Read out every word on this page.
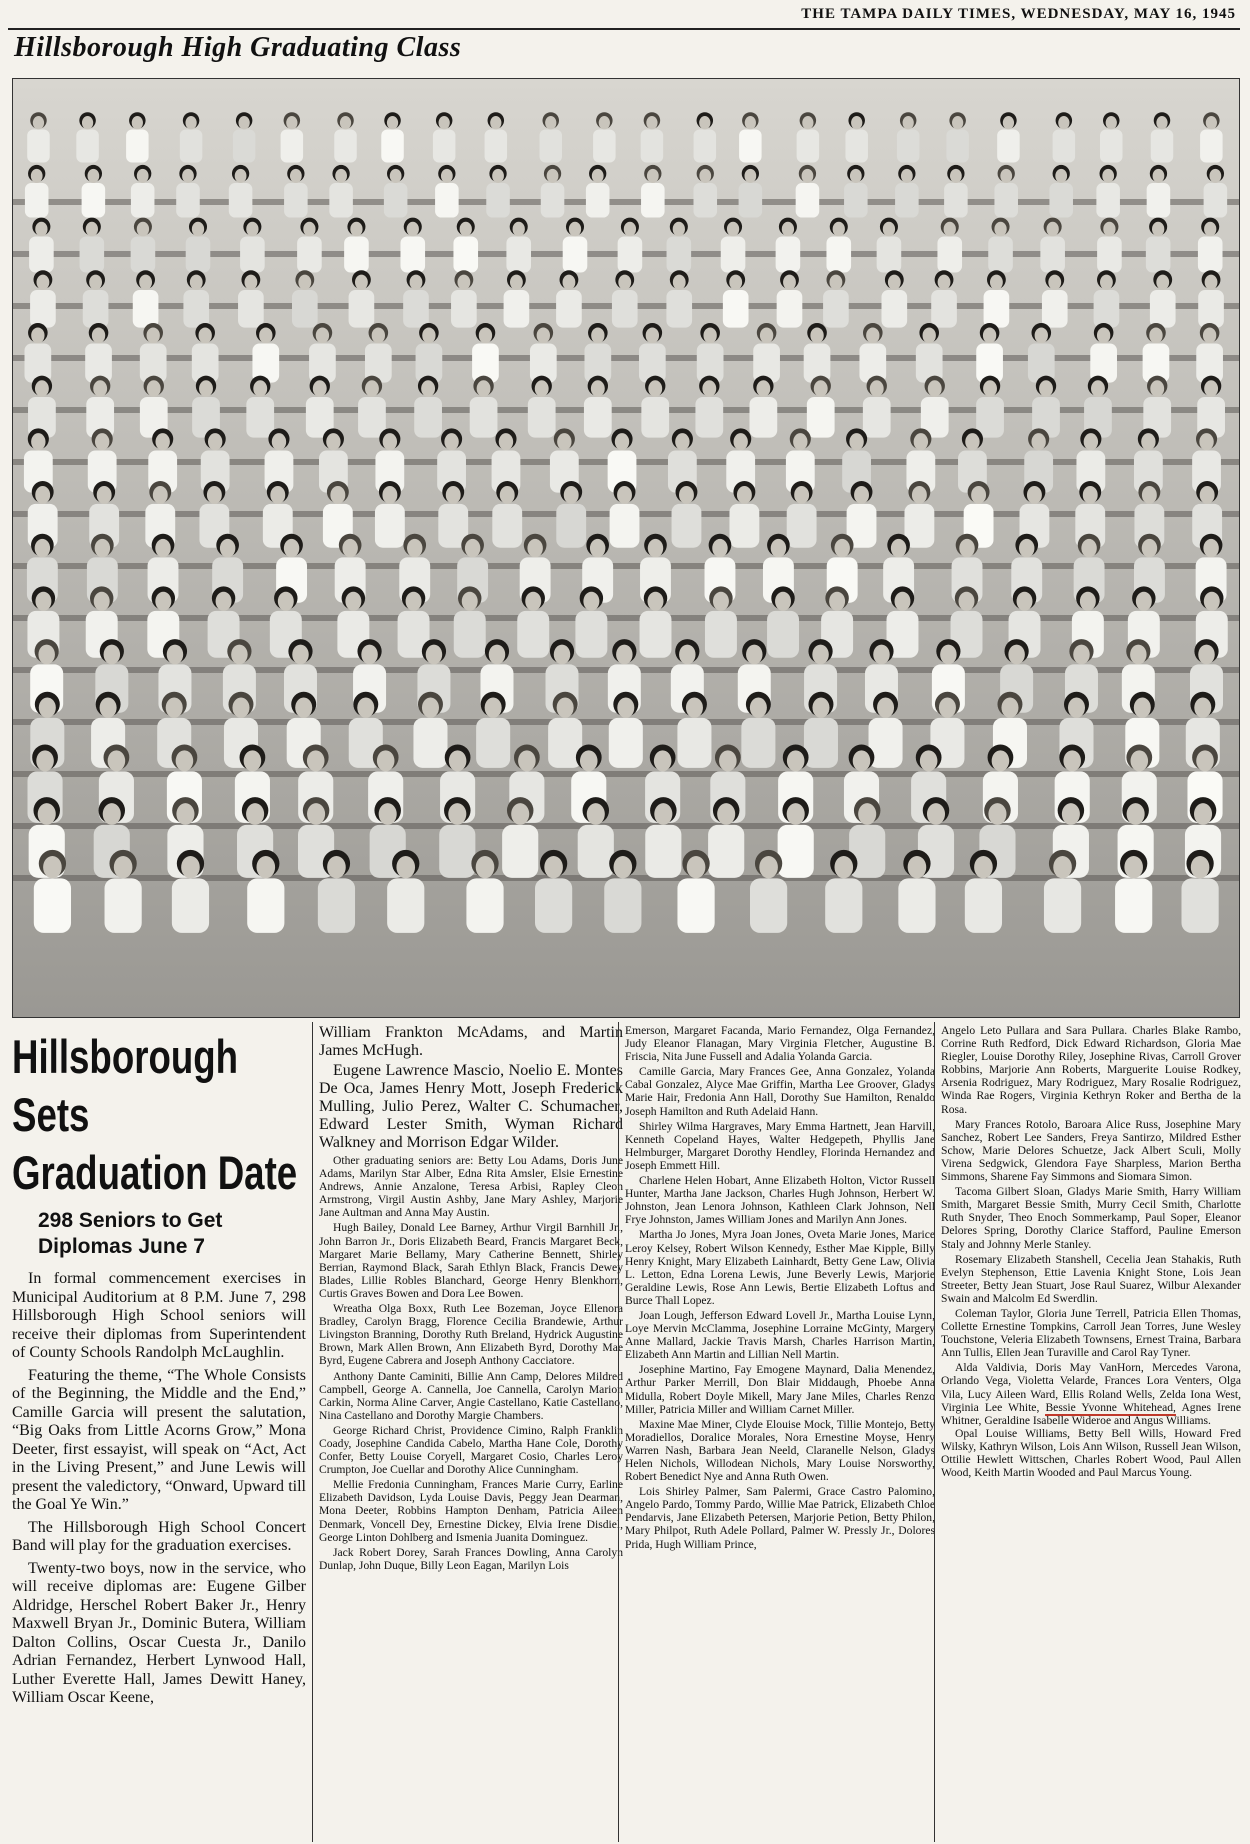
THE TAMPA DAILY TIMES, WEDNESDAY, MAY 16, 1945
Hillsborough High Graduating Class
Hillsborough Sets
Graduation Date
298 Seniors to Get
Diplomas June 7

In formal commencement exercises in Municipal Auditorium at 8 P.M. June 7, 298 Hillsborough High School seniors will receive their diplomas from Superintendent of County Schools Randolph McLaughlin.

Featuring the theme, “The Whole Consists of the Beginning, the Middle and the End,” Camille Garcia will present the salutation, “Big Oaks from Little Acorns Grow,” Mona Deeter, first essayist, will speak on “Act, Act in the Living Present,” and June Lewis will present the valedictory, “Onward, Upward till the Goal Ye Win.”

The Hillsborough High School Concert Band will play for the graduation exercises.

Twenty-two boys, now in the service, who will receive diplomas are: Eugene Gilber Aldridge, Herschel Robert Baker Jr., Henry Maxwell Bryan Jr., Dominic Butera, William Dalton Collins, Oscar Cuesta Jr., Danilo Adrian Fernandez, Herbert Lynwood Hall, Luther Everette Hall, James Dewitt Haney, William Oscar Keene,

William Frankton McAdams, and Martin James McHugh.

Eugene Lawrence Mascio, Noelio E. Montes De Oca, James Henry Mott, Joseph Frederick Mulling, Julio Perez, Walter C. Schumacher, Edward Lester Smith, Wyman Richard Walkney and Morrison Edgar Wilder.

Other graduating seniors are: Betty Lou Adams, Doris June Adams, Marilyn Star Alber, Edna Rita Amsler, Elsie Ernestine Andrews, Annie Anzalone, Teresa Arbisi, Rapley Cleon Armstrong, Virgil Austin Ashby, Jane Mary Ashley, Marjorie Jane Aultman and Anna May Austin.

Hugh Bailey, Donald Lee Barney, Arthur Virgil Barnhill Jr., John Barron Jr., Doris Elizabeth Beard, Francis Margaret Beck, Margaret Marie Bellamy, Mary Catherine Bennett, Shirley Berrian, Raymond Black, Sarah Ethlyn Black, Francis Dewey Blades, Lillie Robles Blanchard, George Henry Blenkhorn, Curtis Graves Bowen and Dora Lee Bowen.

Wreatha Olga Boxx, Ruth Lee Bozeman, Joyce Ellenora Bradley, Carolyn Bragg, Florence Cecilia Brandewie, Arthur Livingston Branning, Dorothy Ruth Breland, Hydrick Augustine Brown, Mark Allen Brown, Ann Elizabeth Byrd, Dorothy Mae Byrd, Eugene Cabrera and Joseph Anthony Cacciatore.

Anthony Dante Caminiti, Billie Ann Camp, Delores Mildred Campbell, George A. Cannella, Joe Cannella, Carolyn Marion Carkin, Norma Aline Carver, Angie Castellano, Katie Castellano, Nina Castellano and Dorothy Margie Chambers.

George Richard Christ, Providence Cimino, Ralph Franklin Coady, Josephine Candida Cabelo, Martha Hane Cole, Dorothy Confer, Betty Louise Coryell, Margaret Cosio, Charles Leroy Crumpton, Joe Cuellar and Dorothy Alice Cunningham.

Mellie Fredonia Cunningham, Frances Marie Curry, Earline Elizabeth Davidson, Lyda Louise Davis, Peggy Jean Dearman, Mona Deeter, Robbins Hampton Denham, Patricia Aileen Denmark, Voncell Dey, Ernestine Dickey, Elvia Irene Disdiel, George Linton Dohlberg and Ismenia Juanita Dominguez.

Jack Robert Dorey, Sarah Frances Dowling, Anna Carolyn Dunlap, John Duque, Billy Leon Eagan, Marilyn Lois

Emerson, Margaret Facanda, Mario Fernandez, Olga Fernandez, Judy Eleanor Flanagan, Mary Virginia Fletcher, Augustine B. Friscia, Nita June Fussell and Adalia Yolanda Garcia.

Camille Garcia, Mary Frances Gee, Anna Gonzalez, Yolanda Cabal Gonzalez, Alyce Mae Griffin, Martha Lee Groover, Gladys Marie Hair, Fredonia Ann Hall, Dorothy Sue Hamilton, Renaldo Joseph Hamilton and Ruth Adelaid Hann.

Shirley Wilma Hargraves, Mary Emma Hartnett, Jean Harvill, Kenneth Copeland Hayes, Walter Hedgepeth, Phyllis Jane Helmburger, Margaret Dorothy Hendley, Florinda Hernandez and Joseph Emmett Hill.

Charlene Helen Hobart, Anne Elizabeth Holton, Victor Russell Hunter, Martha Jane Jackson, Charles Hugh Johnson, Herbert W. Johnston, Jean Lenora Johnson, Kathleen Clark Johnson, Nell Frye Johnston, James William Jones and Marilyn Ann Jones.

Martha Jo Jones, Myra Joan Jones, Oveta Marie Jones, Marice Leroy Kelsey, Robert Wilson Kennedy, Esther Mae Kipple, Billy Henry Knight, Mary Elizabeth Lainhardt, Betty Gene Law, Olivia L. Letton, Edna Lorena Lewis, June Beverly Lewis, Marjorie Geraldine Lewis, Rose Ann Lewis, Bertie Elizabeth Loftus and Burce Thall Lopez.

Joan Lough, Jefferson Edward Lovell Jr., Martha Louise Lynn, Loye Mervin McClamma, Josephine Lorraine McGinty, Margery Anne Mallard, Jackie Travis Marsh, Charles Harrison Martin, Elizabeth Ann Martin and Lillian Nell Martin.

Josephine Martino, Fay Emogene Maynard, Dalia Menendez, Arthur Parker Merrill, Don Blair Middaugh, Phoebe Anna Midulla, Robert Doyle Mikell, Mary Jane Miles, Charles Renzo Miller, Patricia Miller and William Carnet Miller.

Maxine Mae Miner, Clyde Elouise Mock, Tillie Montejo, Betty Moradiellos, Doralice Morales, Nora Ernestine Moyse, Henry Warren Nash, Barbara Jean Neeld, Claranelle Nelson, Gladys Helen Nichols, Willodean Nichols, Mary Louise Norsworthy, Robert Benedict Nye and Anna Ruth Owen.

Lois Shirley Palmer, Sam Palermi, Grace Castro Palomino, Angelo Pardo, Tommy Pardo, Willie Mae Patrick, Elizabeth Chloe Pendarvis, Jane Elizabeth Petersen, Marjorie Petion, Betty Philon, Mary Philpot, Ruth Adele Pollard, Palmer W. Pressly Jr., Dolores Prida, Hugh William Prince,

Angelo Leto Pullara and Sara Pullara. Charles Blake Rambo, Corrine Ruth Redford, Dick Edward Richardson, Gloria Mae Riegler, Louise Dorothy Riley, Josephine Rivas, Carroll Grover Robbins, Marjorie Ann Roberts, Marguerite Louise Rodkey, Arsenia Rodriguez, Mary Rodriguez, Mary Rosalie Rodriguez, Winda Rae Rogers, Virginia Kethryn Roker and Bertha de la Rosa.

Mary Frances Rotolo, Baroara Alice Russ, Josephine Mary Sanchez, Robert Lee Sanders, Freya Santirzo, Mildred Esther Schow, Marie Delores Schuetze, Jack Albert Sculi, Molly Virena Sedgwick, Glendora Faye Sharpless, Marion Bertha Simmons, Sharene Fay Simmons and Siomara Simon.

Tacoma Gilbert Sloan, Gladys Marie Smith, Harry William Smith, Margaret Bessie Smith, Murry Cecil Smith, Charlotte Ruth Snyder, Theo Enoch Sommerkamp, Paul Soper, Eleanor Delores Spring, Dorothy Clarice Stafford, Pauline Emerson Staly and Johnny Merle Stanley.

Rosemary Elizabeth Stanshell, Cecelia Jean Stahakis, Ruth Evelyn Stephenson, Ettie Lavenia Knight Stone, Lois Jean Streeter, Betty Jean Stuart, Jose Raul Suarez, Wilbur Alexander Swain and Malcolm Ed Swerdlin.

Coleman Taylor, Gloria June Terrell, Patricia Ellen Thomas, Collette Ernestine Tompkins, Carroll Jean Torres, June Wesley Touchstone, Veleria Elizabeth Townsens, Ernest Traina, Barbara Ann Tullis, Ellen Jean Turaville and Carol Ray Tyner.

Alda Valdivia, Doris May VanHorn, Mercedes Varona, Orlando Vega, Violetta Velarde, Frances Lora Venters, Olga Vila, Lucy Aileen Ward, Ellis Roland Wells, Zelda Iona West, Virginia Lee White, Bessie Yvonne Whitehead, Agnes Irene Whitner, Geraldine Isabelle Wideroe and Angus Williams.

Opal Louise Williams, Betty Bell Wills, Howard Fred Wilsky, Kathryn Wilson, Lois Ann Wilson, Russell Jean Wilson, Ottilie Hewlett Wittschen, Charles Robert Wood, Paul Allen Wood, Keith Martin Wooded and Paul Marcus Young.
